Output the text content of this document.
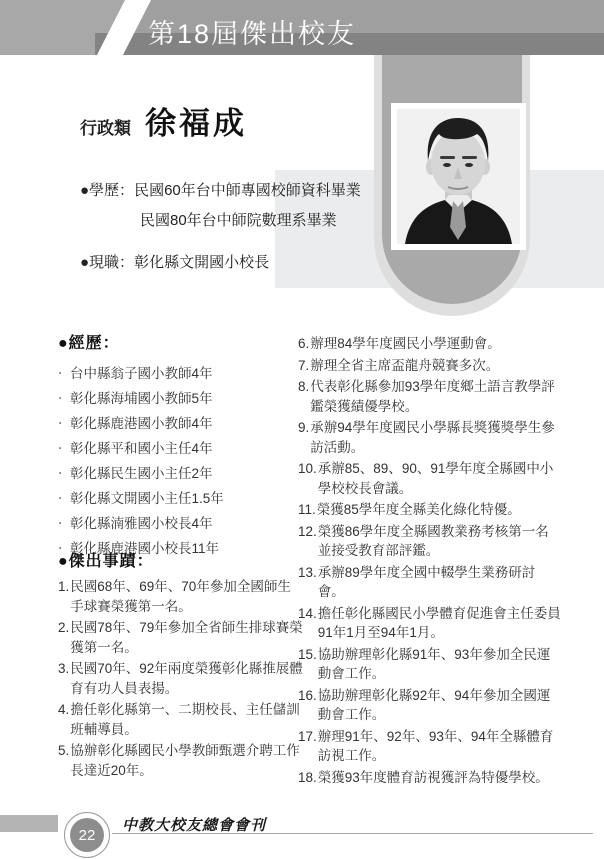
第18屆傑出校友
行政類 徐福成
●學歷： 民國60年台中師專國校師資科畢業
民國80年台中師院數理系畢業
●現職： 彰化縣文開國小校長
●經歷：
‧ 台中縣翁子國小教師4年
‧ 彰化縣海埔國小教師5年
‧ 彰化縣鹿港國小教師4年
‧ 彰化縣平和國小主任4年
‧ 彰化縣民生國小主任2年
‧ 彰化縣文開國小主任1.5年
‧ 彰化縣湳雅國小校長4年
‧ 彰化縣鹿港國小校長11年
●傑出事蹟：
1. 民國68年、69年、70年參加全國師生手球賽榮獲第一名。
2. 民國78年、79年參加全省師生排球賽榮獲第一名。
3. 民國70年、92年兩度榮獲彰化縣推展體育有功人員表揚。
4. 擔任彰化縣第一、二期校長、主任儲訓班輔導員。
5. 協辦彰化縣國民小學教師甄選介聘工作長達近20年。
6. 辦理84學年度國民小學運動會。
7. 辦理全省主席盃龍舟競賽多次。
8. 代表彰化縣參加93學年度鄉土語言教學評鑑榮獲績優學校。
9. 承辦94學年度國民小學縣長獎獲獎學生參訪活動。
10. 承辦85、89、90、91學年度全縣國中小學校校長會議。
11. 榮獲85學年度全縣美化綠化特優。
12. 榮獲86學年度全縣國教業務考核第一名並接受教育部評鑑。
13. 承辦89學年度全國中輟學生業務研討會。
14. 擔任彰化縣國民小學體育促進會主任委員91年1月至94年1月。
15. 協助辦理彰化縣91年、93年參加全民運動會工作。
16. 協助辦理彰化縣92年、94年參加全國運動會工作。
17. 辦理91年、92年、93年、94年全縣體育訪視工作。
18. 榮獲93年度體育訪視獲評為特優學校。
22
中教大校友總會會刊
